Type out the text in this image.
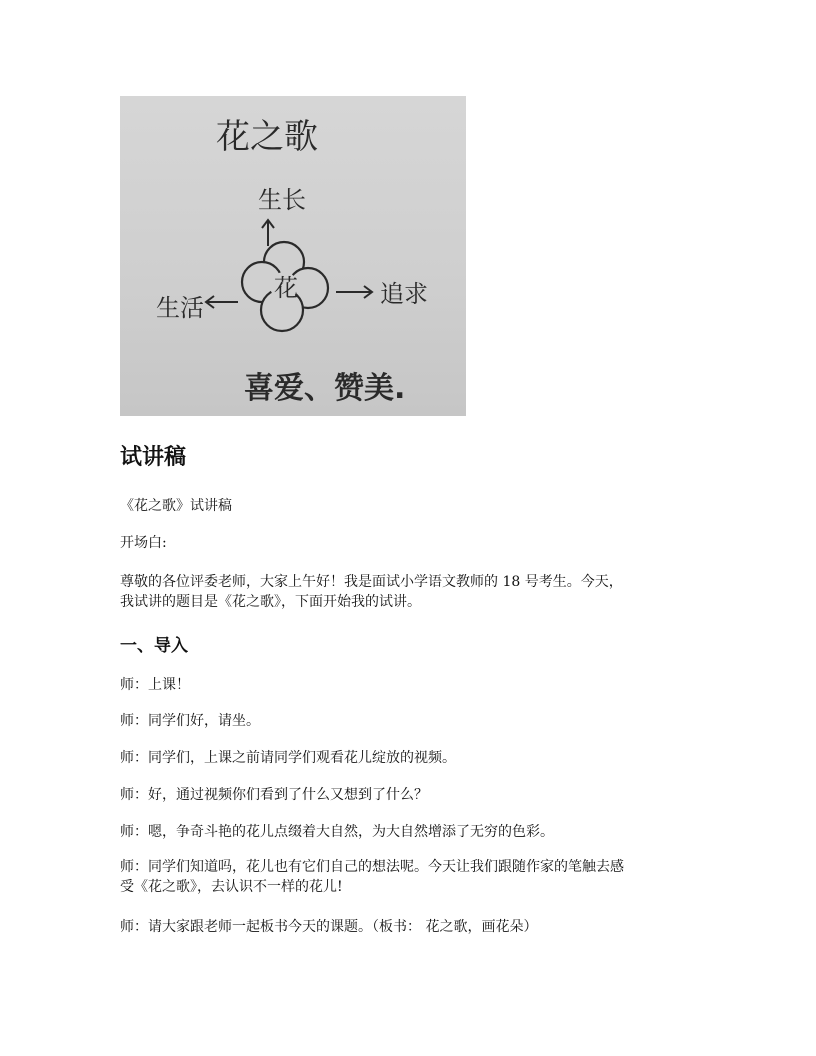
花之歌
生长
花
生活	追求
喜爱、赞美.
试讲稿

《花之歌》试讲稿

开场白:

尊敬的各位评委老师，大家上午好！我是面试小学语文教师的 18 号考生。今天，
我试讲的题目是《花之歌》，下面开始我的试讲。

一、导入

师：上课！

师：同学们好，请坐。

师：同学们，上课之前请同学们观看花儿绽放的视频。

师：好，通过视频你们看到了什么又想到了什么？

师：嗯，争奇斗艳的花儿点缀着大自然，为大自然增添了无穷的色彩。

师：同学们知道吗，花儿也有它们自己的想法呢。今天让我们跟随作家的笔触去感
受《花之歌》，去认识不一样的花儿!

师：请大家跟老师一起板书今天的课题。（板书： 花之歌，画花朵）
